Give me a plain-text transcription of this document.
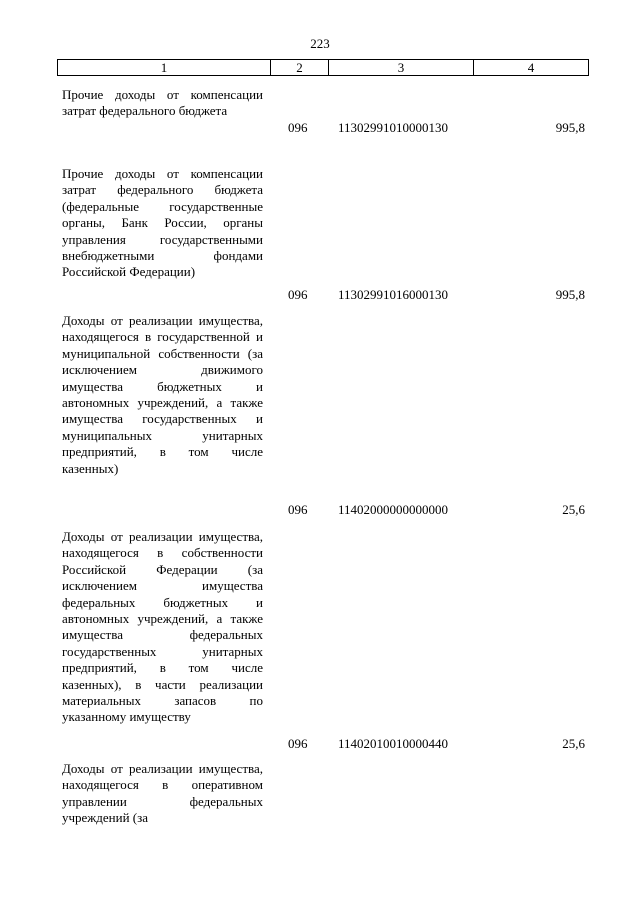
223
1	2	3	4
Прочие доходы от компенсации затрат федерального бюджета
096	11302991010000130	995,8
Прочие доходы от компенсации затрат федерального бюджета (федеральные государственные органы, Банк России, органы управления государственными внебюджетными фондами Российской Федерации)
096	11302991016000130	995,8
Доходы от реализации имущества, находящегося в государственной и муниципальной собственности (за исключением движимого имущества бюджетных и автономных учреждений, а также имущества государственных и муниципальных унитарных предприятий, в том числе казенных)
096	11402000000000000	25,6
Доходы от реализации имущества, находящегося в собственности Российской Федерации (за исключением имущества федеральных бюджетных и автономных учреждений, а также имущества федеральных государственных унитарных предприятий, в том числе казенных), в части реализации материальных запасов по указанному имуществу
096	11402010010000440	25,6
Доходы от реализации имущества, находящегося в оперативном управлении федеральных учреждений (за
